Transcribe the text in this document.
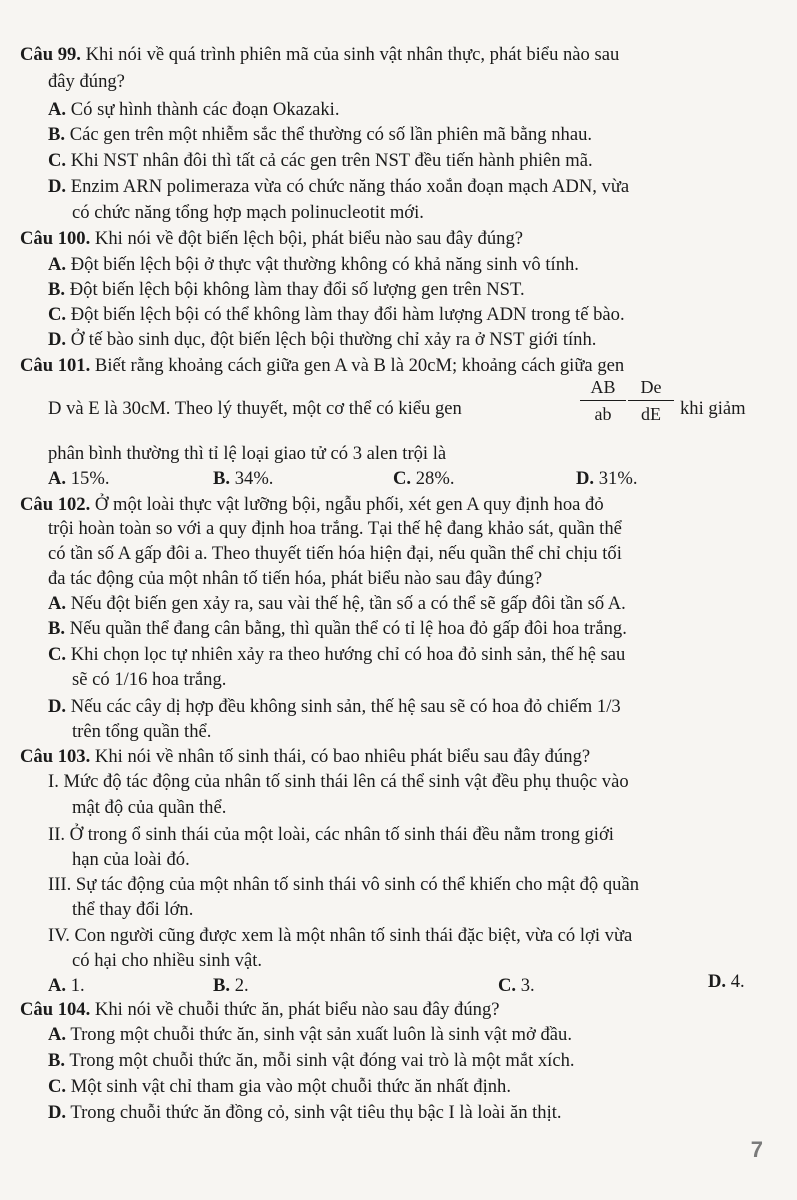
Câu 99. Khi nói về quá trình phiên mã của sinh vật nhân thực, phát biểu nào sau
đây đúng?
A. Có sự hình thành các đoạn Okazaki.
B. Các gen trên một nhiễm sắc thể thường có số lần phiên mã bằng nhau.
C. Khi NST nhân đôi thì tất cả các gen trên NST đều tiến hành phiên mã.
D. Enzim ARN polimeraza vừa có chức năng tháo xoắn đoạn mạch ADN, vừa
có chức năng tổng hợp mạch polinucleotit mới.
Câu 100. Khi nói về đột biến lệch bội, phát biểu nào sau đây đúng?
A. Đột biến lệch bội ở thực vật thường không có khả năng sinh vô tính.
B. Đột biến lệch bội không làm thay đổi số lượng gen trên NST.
C. Đột biến lệch bội có thể không làm thay đổi hàm lượng ADN trong tế bào.
D. Ở tế bào sinh dục, đột biến lệch bội thường chỉ xảy ra ở NST giới tính.
Câu 101. Biết rằng khoảng cách giữa gen A và B là 20cM; khoảng cách giữa gen
D và E là 30cM. Theo lý thuyết, một cơ thể có kiểu gen	$\frac{AB}{ab} \frac{De}{dE}$ khi giảm
phân bình thường thì tỉ lệ loại giao tử có 3 alen trội là
A. 15%.	B. 34%.	C. 28%.	D. 31%.
Câu 102. Ở một loài thực vật lưỡng bội, ngẫu phối, xét gen A quy định hoa đỏ
trội hoàn toàn so với a quy định hoa trắng. Tại thế hệ đang khảo sát, quần thể
có tần số A gấp đôi a. Theo thuyết tiến hóa hiện đại, nếu quần thể chỉ chịu tối
đa tác động của một nhân tố tiến hóa, phát biểu nào sau đây đúng?
A. Nếu đột biến gen xảy ra, sau vài thế hệ, tần số a có thể sẽ gấp đôi tần số A.
B. Nếu quần thể đang cân bằng, thì quần thể có tỉ lệ hoa đỏ gấp đôi hoa trắng.
C. Khi chọn lọc tự nhiên xảy ra theo hướng chỉ có hoa đỏ sinh sản, thế hệ sau
sẽ có 1/16 hoa trắng.
D. Nếu các cây dị hợp đều không sinh sản, thế hệ sau sẽ có hoa đỏ chiếm 1/3
trên tổng quần thể.
Câu 103. Khi nói về nhân tố sinh thái, có bao nhiêu phát biểu sau đây đúng?
I. Mức độ tác động của nhân tố sinh thái lên cá thể sinh vật đều phụ thuộc vào
mật độ của quần thể.
II. Ở trong ổ sinh thái của một loài, các nhân tố sinh thái đều nằm trong giới
hạn của loài đó.
III. Sự tác động của một nhân tố sinh thái vô sinh có thể khiến cho mật độ quần
thể thay đổi lớn.
IV. Con người cũng được xem là một nhân tố sinh thái đặc biệt, vừa có lợi vừa
có hại cho nhiều sinh vật.
A. 1.	B. 2.	C. 3.	D. 4.
Câu 104. Khi nói về chuỗi thức ăn, phát biểu nào sau đây đúng?
A. Trong một chuỗi thức ăn, sinh vật sản xuất luôn là sinh vật mở đầu.
B. Trong một chuỗi thức ăn, mỗi sinh vật đóng vai trò là một mắt xích.
C. Một sinh vật chỉ tham gia vào một chuỗi thức ăn nhất định.
D. Trong chuỗi thức ăn đồng cỏ, sinh vật tiêu thụ bậc I là loài ăn thịt.
7
